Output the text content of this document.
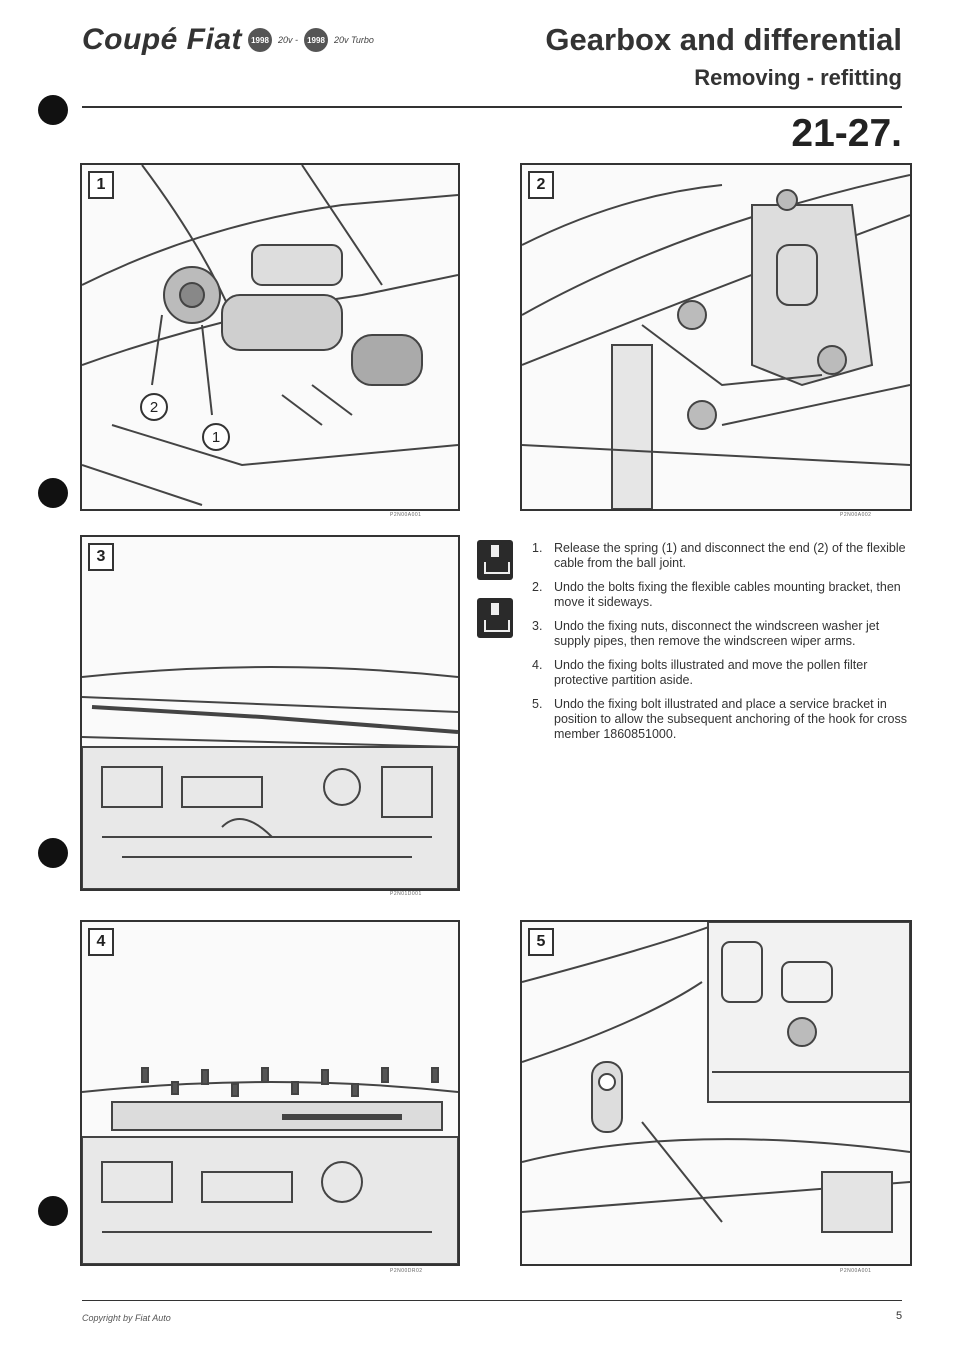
Coupé Fiat	1998	20v -	1998	20v Turbo	Gearbox and differential
Removing - refitting
21-27.
1
2
1
P2N00A001
2
P2N00A002
3
P2N01D001
1. Release the spring (1) and disconnect the end (2) of the flexible cable from the ball joint.
2. Undo the bolts fixing the flexible cables mounting bracket, then move it sideways.
3. Undo the fixing nuts, disconnect the windscreen washer jet supply pipes, then remove the windscreen wiper arms.
4. Undo the fixing bolts illustrated and move the pollen filter protective partition aside.
5. Undo the fixing bolt illustrated and place a service bracket in position to allow the subsequent anchoring of the hook for cross member 1860851000.
4
P2N00DR02
5
P2N00A001
Copyright by Fiat Auto	5
